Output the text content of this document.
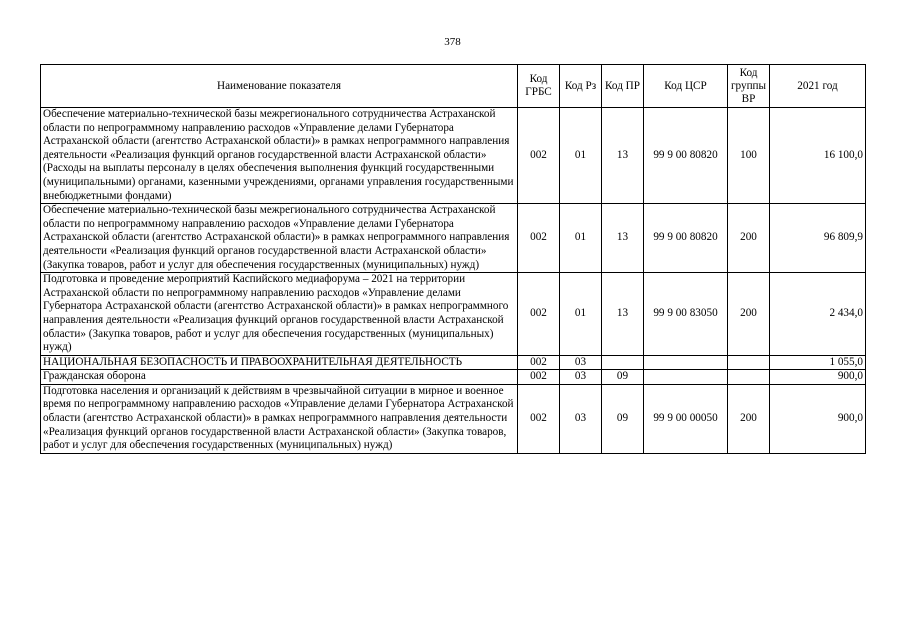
378
Наименование показателя	Код ГРБС	Код Рз	Код ПР	Код ЦСР	Код группы ВР	2021 год
Обеспечение материально-технической базы межрегионального сотрудничества Астраханской области по непрограммному направлению расходов «Управление делами Губернатора Астраханской области (агентство Астраханской области)» в рамках непрограммного направления деятельности «Реализация функций органов государственной власти Астраханской области» (Расходы на выплаты персоналу в целях обеспечения выполнения функций государственными (муниципальными) органами, казенными учреждениями, органами управления государственными внебюджетными фондами)	002	01	13	99 9 00 80820	100	16 100,0
Обеспечение материально-технической базы межрегионального сотрудничества Астраханской области по непрограммному направлению расходов «Управление делами Губернатора Астраханской области (агентство Астраханской области)» в рамках непрограммного направления деятельности «Реализация функций органов государственной власти Астраханской области» (Закупка товаров, работ и услуг для обеспечения государственных (муниципальных) нужд)	002	01	13	99 9 00 80820	200	96 809,9
Подготовка и проведение мероприятий Каспийского медиафорума – 2021 на территории Астраханской области по непрограммному направлению расходов «Управление делами Губернатора Астраханской области (агентство Астраханской области)» в рамках непрограммного направления деятельности «Реализация функций органов государственной власти Астраханской области» (Закупка товаров, работ и услуг для обеспечения государственных (муниципальных) нужд)	002	01	13	99 9 00 83050	200	2 434,0
НАЦИОНАЛЬНАЯ БЕЗОПАСНОСТЬ И ПРАВООХРАНИТЕЛЬНАЯ ДЕЯТЕЛЬНОСТЬ	002	03				1 055,0
Гражданская оборона	002	03	09			900,0
Подготовка населения и организаций к действиям в чрезвычайной ситуации в мирное и военное время по непрограммному направлению расходов «Управление делами Губернатора Астраханской области (агентство Астраханской области)» в рамках непрограммного направления деятельности «Реализация функций органов государственной власти Астраханской области» (Закупка товаров, работ и услуг для обеспечения государственных (муниципальных) нужд)	002	03	09	99 9 00 00050	200	900,0
